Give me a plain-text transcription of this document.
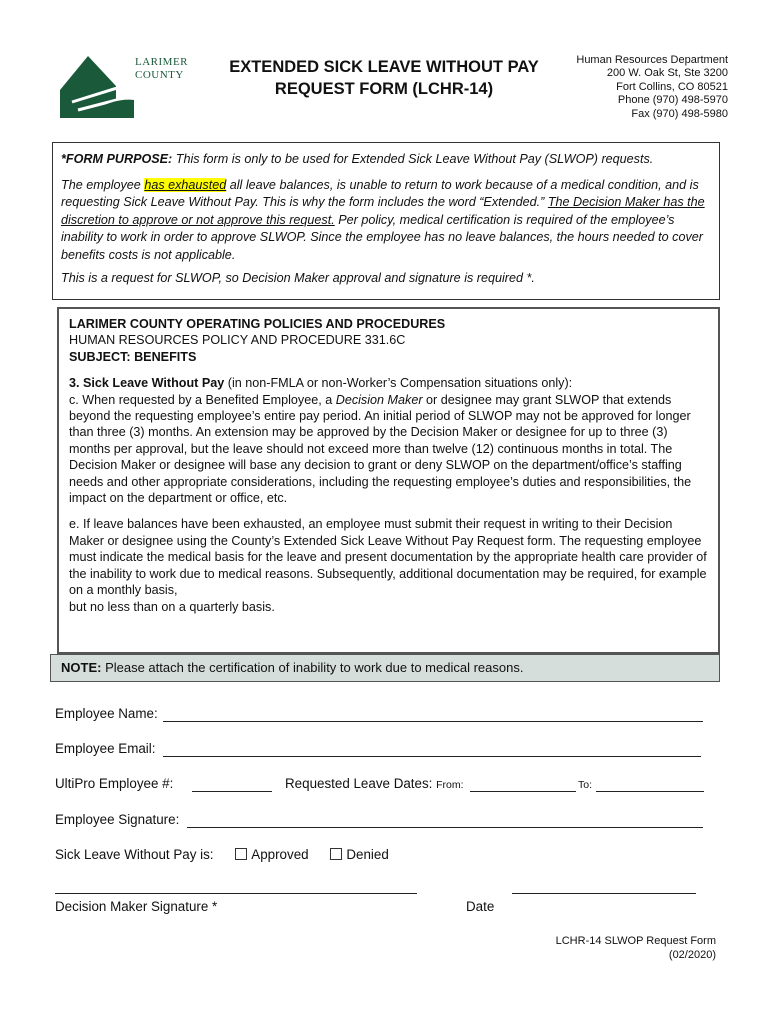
LARIMER
COUNTY	EXTENDED SICK LEAVE WITHOUT PAY
REQUEST FORM (LCHR-14)
Human Resources Department
200 W. Oak St, Ste 3200
Fort Collins, CO 80521
Phone (970) 498-5970
Fax (970) 498-5980

*FORM PURPOSE: This form is only to be used for Extended Sick Leave Without Pay (SLWOP) requests.

The employee has exhausted all leave balances, is unable to return to work because of a medical condition, and is requesting Sick Leave Without Pay. This is why the form includes the word “Extended.” The Decision Maker has the discretion to approve or not approve this request. Per policy, medical certification is required of the employee’s inability to work in order to approve SLWOP. Since the employee has no leave balances, the hours needed to cover benefits costs is not applicable.

This is a request for SLWOP, so Decision Maker approval and signature is required *.

LARIMER COUNTY OPERATING POLICIES AND PROCEDURES

HUMAN RESOURCES POLICY AND PROCEDURE 331.6C

SUBJECT: BENEFITS

3. Sick Leave Without Pay (in non-FMLA or non-Worker’s Compensation situations only):

c. When requested by a Benefited Employee, a Decision Maker or designee may grant SLWOP that extends beyond the requesting employee’s entire pay period. An initial period of SLWOP may not be approved for longer than three (3) months. An extension may be approved by the Decision Maker or designee for up to three (3) months per approval, but the leave should not exceed more than twelve (12) continuous months in total. The Decision Maker or designee will base any decision to grant or deny SLWOP on the department/office’s staffing needs and other appropriate considerations, including the requesting employee’s duties and responsibilities, the impact on the department or office, etc.

e. If leave balances have been exhausted, an employee must submit their request in writing to their Decision Maker or designee using the County’s Extended Sick Leave Without Pay Request form. The requesting employee must indicate the medical basis for the leave and present documentation by the appropriate health care provider of the inability to work due to medical reasons. Subsequently, additional documentation may be required, for example on a monthly basis,

but no less than on a quarterly basis.

NOTE: Please attach the certification of inability to work due to medical reasons.
Employee Name:
Employee Email:
UltiPro Employee #:	Requested Leave Dates: From:	To:
Employee Signature:
Sick Leave Without Pay is:	Approved	Denied
Decision Maker Signature *	Date
LCHR-14 SLWOP Request Form
(02/2020)
